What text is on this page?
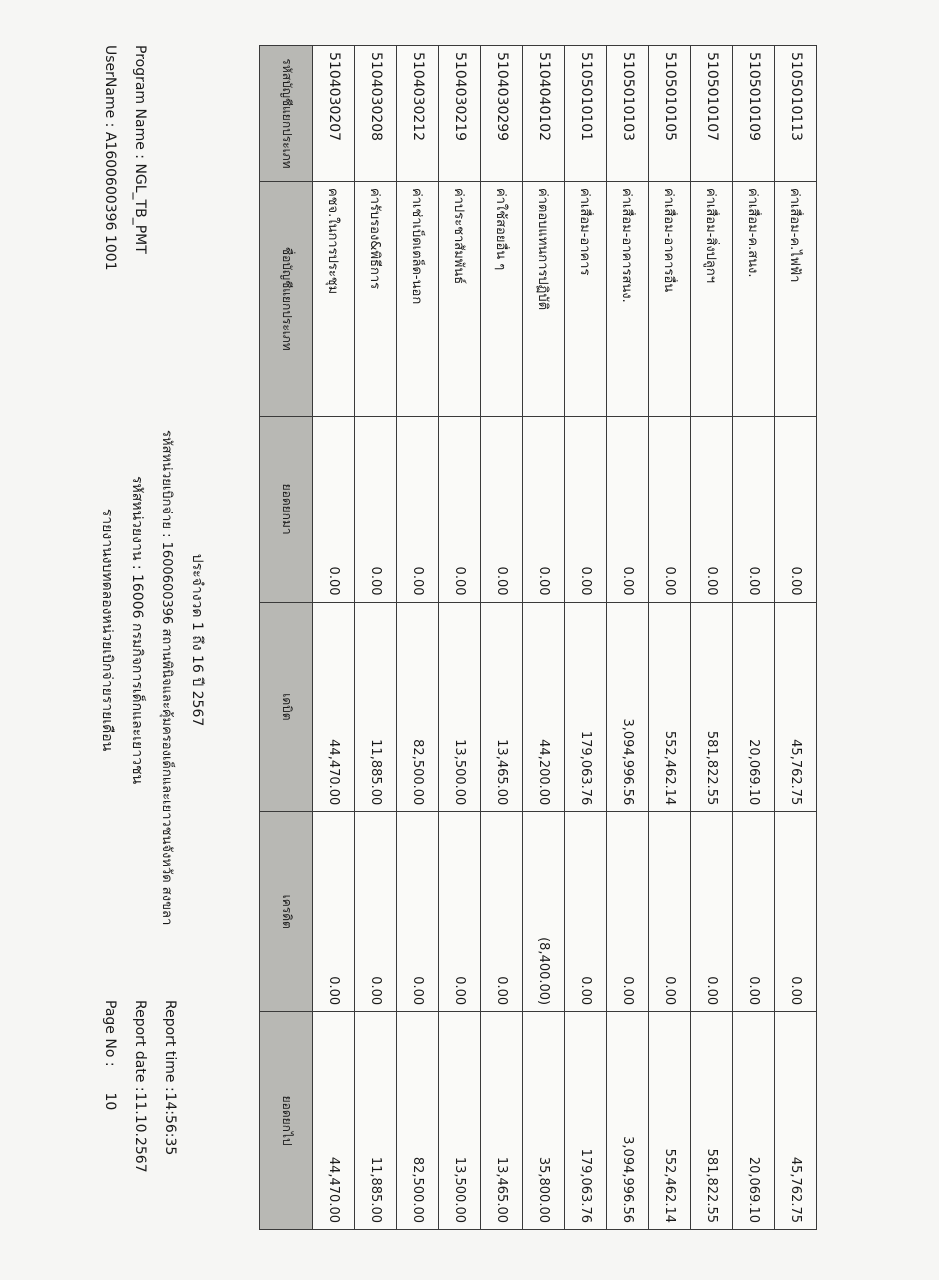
Program Name : NGL_TB_PMT
UserName : A1600600396 1001
รายงานงบทดลองหน่วยเบิกจ่ายรายเดือน รหัสหน่วยงาน : 16006 กรมกิจการเด็กและเยาวชน รหัสหน่วยเบิกจ่าย : 1600600396 สถานพินิจและคุ้มครองเด็กและเยาวชนจังหวัด สงขลา ประจำงวด 1 ถึง 16 ปี 2567
Page No : 10
Report date : 11.10.2567
Report time : 14:56:35
รหัสบัญชีแยกประเภท	ชื่อบัญชีแยกประเภท	ยอดยกมา	เดบิต	เครดิต	ยอดยกไป
5104030207	คชจ.ในการประชุม	0.00	44,470.00	0.00	44,470.00
5104030208	ค่ารับรอง&พิธีการ	0.00	11,885.00	0.00	11,885.00
5104030212	ค่าเช่าเบ็ดเตล็ด-นอก	0.00	82,500.00	0.00	82,500.00
5104030219	ค่าประชาสัมพันธ์	0.00	13,500.00	0.00	13,500.00
5104030299	ค่าใช้สอยอื่น ๆ	0.00	13,465.00	0.00	13,465.00
5104040102	ค่าตอบแทนการปฏิบัติ	0.00	44,200.00	(8,400.00)	35,800.00
5105010101	ค่าเสื่อม-อาคาร	0.00	179,063.76	0.00	179,063.76
5105010103	ค่าเสื่อม-อาคารสนง.	0.00	3,094,996.56	0.00	3,094,996.56
5105010105	ค่าเสื่อม-อาคารอื่น	0.00	552,462.14	0.00	552,462.14
5105010107	ค่าเสื่อม-สิ่งปลูกฯ	0.00	581,822.55	0.00	581,822.55
5105010109	ค่าเสื่อม-ค.สนง.	0.00	20,069.10	0.00	20,069.10
5105010113	ค่าเสื่อม-ค.ไฟฟ้า	0.00	45,762.75	0.00	45,762.75
